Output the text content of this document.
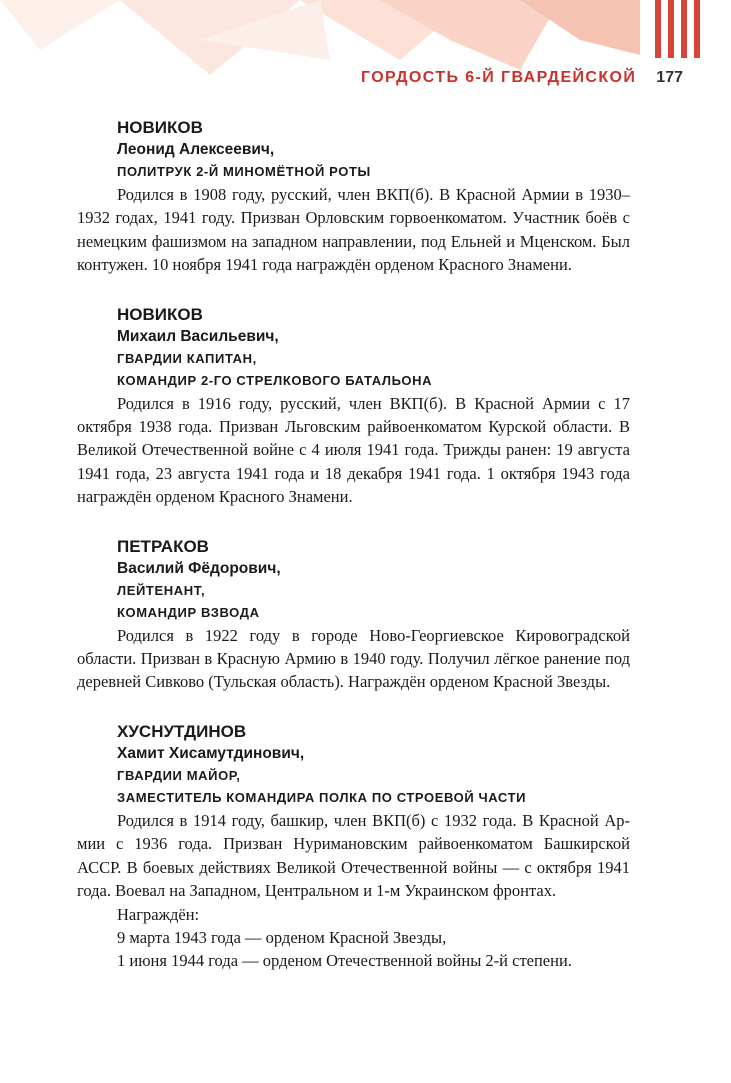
ГОРДОСТЬ 6-Й ГВАРДЕЙСКОЙ 177
НОВИКОВ
Леонид Алексеевич,
ПОЛИТРУК 2-Й МИНОМЁТНОЙ РОТЫ

Родился в 1908 году, русский, член ВКП(б). В Красной Армии в 1930–1932 годах, 1941 году. Призван Орловским горвоенкоматом. Участник боёв с немецким фашизмом на западном направлении, под Ельней и Мценском. Был контужен. 10 ноября 1941 года награждён орденом Красного Знамени.

НОВИКОВ
Михаил Васильевич,
ГВАРДИИ КАПИТАН,
КОМАНДИР 2-ГО СТРЕЛКОВОГО БАТАЛЬОНА

Родился в 1916 году, русский, член ВКП(б). В Красной Армии с 17 октября 1938 года. Призван Льговским райвоенкоматом Курской области. В Великой Отечественной войне с 4 июля 1941 года. Трижды ранен: 19 августа 1941 года, 23 августа 1941 года и 18 декабря 1941 года. 1 октября 1943 года награждён орденом Красного Знамени.

ПЕТРАКОВ
Василий Фёдорович,
ЛЕЙТЕНАНТ,
КОМАНДИР ВЗВОДА

Родился в 1922 году в городе Ново-Георгиевское Кировоградской области. Призван в Красную Армию в 1940 году. Получил лёгкое ранение под деревней Сивково (Тульская область). Награждён орденом Красной Звезды.

ХУСНУТДИНОВ
Хамит Хисамутдинович,
ГВАРДИИ МАЙОР,
ЗАМЕСТИТЕЛЬ КОМАНДИРА ПОЛКА ПО СТРОЕВОЙ ЧАСТИ

Родился в 1914 году, башкир, член ВКП(б) с 1932 года. В Красной Армии с 1936 года. Призван Нуримановским райвоенкоматом Башкирской АССР. В боевых действиях Великой Отечественной войны — с октября 1941 года. Воевал на Западном, Центральном и 1-м Украинском фронтах.

Награждён:
9 марта 1943 года — орденом Красной Звезды,
1 июня 1944 года — орденом Отечественной войны 2-й степени.
